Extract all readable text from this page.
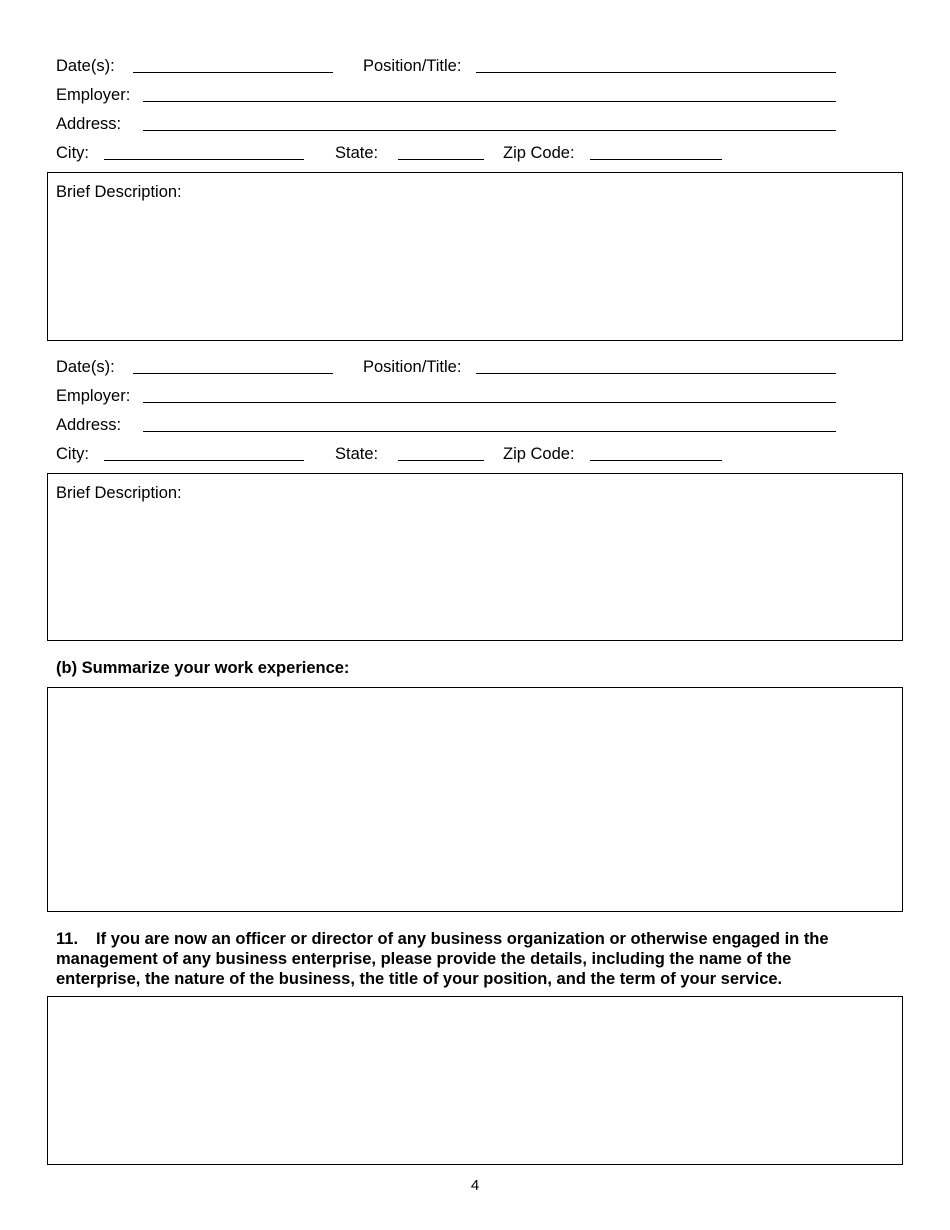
Date(s):	Position/Title:
Employer:
Address:
City:	State:	Zip Code:
Brief Description:
Date(s):	Position/Title:
Employer:
Address:
City:	State:	Zip Code:
Brief Description:
(b) Summarize your work experience:
11. If you are now an officer or director of any business organization or otherwise engaged in the management of any business enterprise, please provide the details, including the name of the enterprise, the nature of the business, the title of your position, and the term of your service.
4
